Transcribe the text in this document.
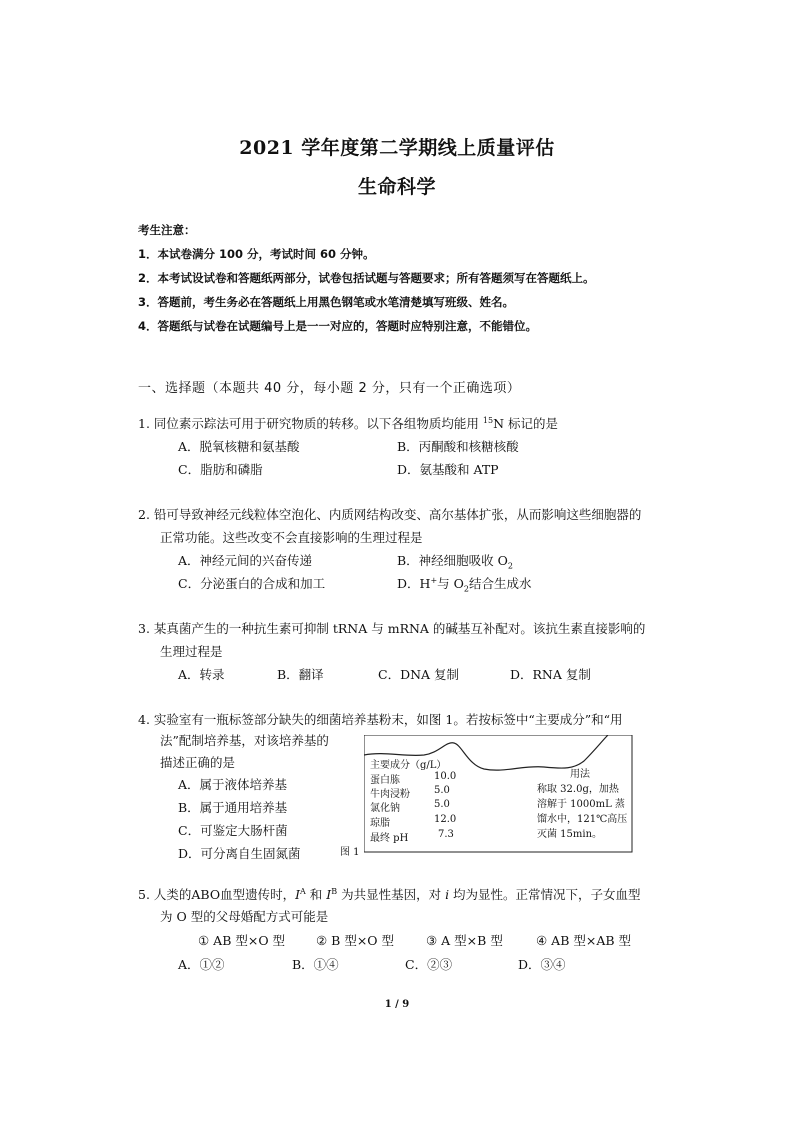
2021 学年度第二学期线上质量评估
生命科学
考生注意：
1．本试卷满分 100 分，考试时间 60 分钟。
2．本考试设试卷和答题纸两部分，试卷包括试题与答题要求；所有答题须写在答题纸上。
3．答题前，考生务必在答题纸上用黑色钢笔或水笔清楚填写班级、姓名。
4．答题纸与试卷在试题编号上是一一对应的，答题时应特别注意，不能错位。
一、选择题（本题共 40 分，每小题 2 分，只有一个正确选项）
1. 同位素示踪法可用于研究物质的转移。以下各组物质均能用 $^{15}$N 标记的是
A．脱氧核糖和氨基酸	B．丙酮酸和核糖核酸
C．脂肪和磷脂	D．氨基酸和 ATP
2. 铅可导致神经元线粒体空泡化、内质网结构改变、高尔基体扩张，从而影响这些细胞器的
正常功能。这些改变不会直接影响的生理过程是
A．神经元间的兴奋传递	B．神经细胞吸收 $O_2$
C．分泌蛋白的合成和加工	D．H+与 $O_2$结合生成水
3. 某真菌产生的一种抗生素可抑制 tRNA 与 mRNA 的碱基互补配对。该抗生素直接影响的
生理过程是
A．转录	B．翻译	C．DNA 复制	D．RNA 复制
4. 实验室有一瓶标签部分缺失的细菌培养基粉末，如图 1。若按标签中“主要成分”和“用
法”配制培养基，对该培养基的
描述正确的是
A．属于液体培养基
B．属于通用培养基
C．可鉴定大肠杆菌
D．可分离自生固氮菌
主要成分（g/L）
蛋白胨	10.0
牛肉浸粉 5.0
氯化钠	5.0
琼脂	12.0
最终 pH	7.3
用法
称取 32.0g，加热
溶解于 1000mL 蒸
馏水中，121℃高压
灭菌 15min。
图 1
5. 人类的ABO血型遗传时，$I^A$ 和 $I^B$ 为共显性基因，对 i 均为显性。正常情况下，子女血型
为 O 型的父母婚配方式可能是
① AB 型×O 型 ② B 型×O 型	③ A 型×B 型	④ AB 型×AB 型
A．①②	B．①④	C．②③	D．③④
1 / 9
